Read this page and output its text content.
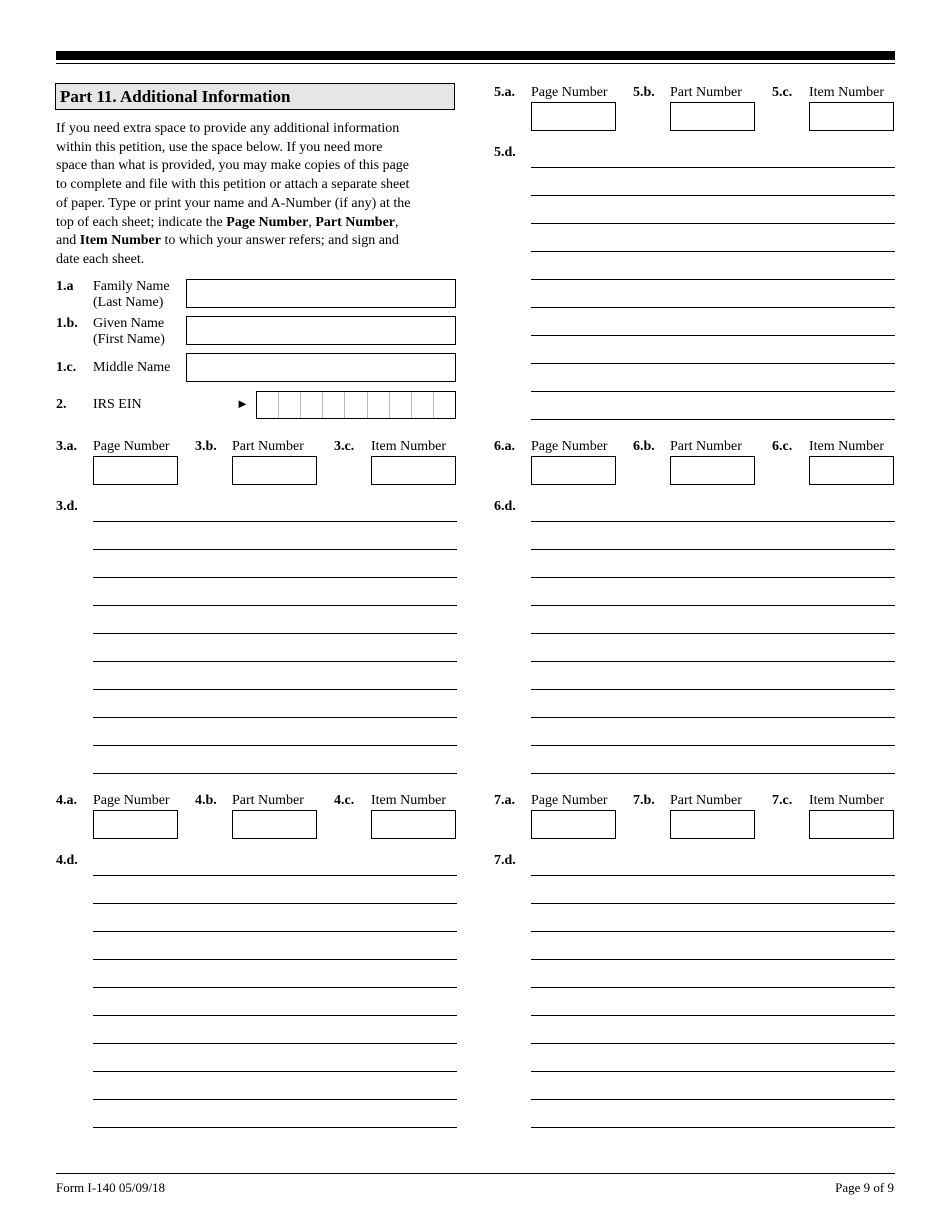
Part 11. Additional Information

If you need extra space to provide any additional information

within this petition, use the space below. If you need more

space than what is provided, you may make copies of this page

to complete and file with this petition or attach a separate sheet

of paper. Type or print your name and A-Number (if any) at the

top of each sheet; indicate the Page Number, Part Number,

and Item Number to which your answer refers; and sign and

date each sheet.

1.a Family Name
(Last Name)
1.b. Given Name
(First Name)
1.c. Middle Name
2. IRS EIN	►
3.a. Page Number 3.b. Part Number 3.c. Item Number
3.d.
4.a. Page Number 4.b. Part Number 4.c. Item Number
4.d.
5.a. Page Number 5.b. Part Number 5.c. Item Number
5.d.
6.a. Page Number 6.b. Part Number 6.c. Item Number
6.d.
7.a. Page Number 7.b. Part Number 7.c. Item Number
7.d.
Form I-140 05/09/18	Page 9 of 9
